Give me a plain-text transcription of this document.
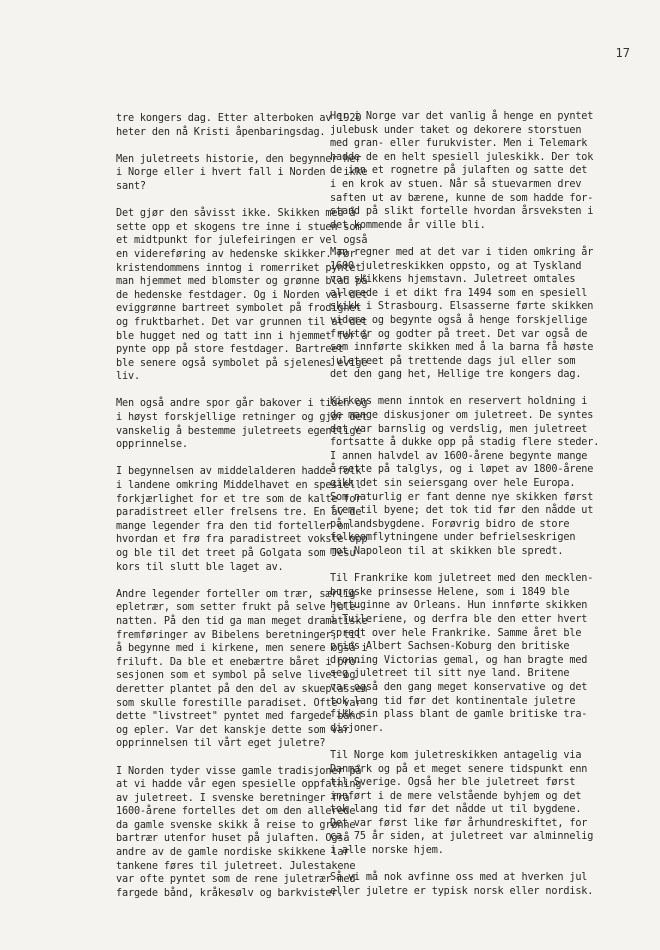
17

tre kongers dag. Etter alterboken av 1920
heter den nå Kristi åpenbaringsdag.

Men juletreets historie, den begynner her
i Norge eller i hvert fall i Norden - ikke
sant?

Det gjør den såvisst ikke. Skikken med å
sette opp et skogens tre inne i stuen som
et midtpunkt for julefeiringen er vel også
en videreføring av hedenske skikker. Før
kristendommens inntog i romerriket pyntet
man hjemmet med blomster og grønne blad på
de hedenske festdager. Og i Norden var det
eviggrønne bartreet symbolet på frodighet
og fruktbarhet. Det var grunnen til at det
ble hugget ned og tatt inn i hjemmet for å
pynte opp på store festdager. Bartreet
ble senere også symbolet på sjelenes evige
liv.

Men også andre spor går bakover i tiden og
i høyst forskjellige retninger og gjør det
vanskelig å bestemme juletreets egentlige
opprinnelse.

I begynnelsen av middelalderen hadde folk
i landene omkring Middelhavet en spesiell
forkjærlighet for et tre som de kalte for
paradistreet eller frelsens tre. En av de
mange legender fra den tid forteller om
hvordan et frø fra paradistreet vokste opp
og ble til det treet på Golgata som Jesu
kors til slutt ble laget av.

Andre legender forteller om trær, særlig
epletrær, som setter frukt på selve jule-
natten. På den tid ga man meget dramatiske
fremføringer av Bibelens beretninger, til
å begynne med i kirkene, men senere også i
friluft. Da ble et enebærtre båret i pro-
sesjonen som et symbol på selve livet og
deretter plantet på den del av skueplassen
som skulle forestille paradiset. Ofte var
dette "livstreet" pyntet med fargede bånd
og epler. Var det kanskje dette som var
opprinnelsen til vårt eget juletre?

I Norden tyder visse gamle tradisjoner på
at vi hadde vår egen spesielle oppfatning
av juletreet. I svenske beretninger fra
1600-årene fortelles det om den allerede
da gamle svenske skikk å reise to grønne
bartrær utenfor huset på julaften. Også
andre av de gamle nordiske skikkene lar
tankene føres til juletreet. Julestakene
var ofte pyntet som de rene juletrær med
fargede bånd, kråkesølv og barkvister.

Her i Norge var det vanlig å henge en pyntet
julebusk under taket og dekorere storstuen
med gran- eller furukvister. Men i Telemark
hadde de en helt spesiell juleskikk. Der tok
de inn et rognetre på julaften og satte det
i en krok av stuen. Når så stuevarmen drev
saften ut av bærene, kunne de som hadde for-
stand på slikt fortelle hvordan årsveksten i
det kommende år ville bli.

Man regner med at det var i tiden omkring år
1600 juletreskikken oppsto, og at Tyskland
var skikkens hjemstavn. Juletreet omtales
allerede i et dikt fra 1494 som en spesiell
skikk i Strasbourg. Elsasserne førte skikken
videre og begynte også å henge forskjellige
frukter og godter på treet. Det var også de
som innførte skikken med å la barna få høste
juletreet på trettende dags jul eller som
det den gang het, Hellige tre kongers dag.

Kirkens menn inntok en reservert holdning i
de mange diskusjoner om juletreet. De syntes
det var barnslig og verdslig, men juletreet
fortsatte å dukke opp på stadig flere steder.
I annen halvdel av 1600-årene begynte mange
å sette på talglys, og i løpet av 1800-årene
gikk det sin seiersgang over hele Europa.
Som naturlig er fant denne nye skikken først
frem til byene; det tok tid før den nådde ut
på landsbygdene. Forøvrig bidro de store
folkeomflytningene under befrielseskrigen
mot Napoleon til at skikken ble spredt.

Til Frankrike kom juletreet med den mecklen-
burgske prinsesse Helene, som i 1849 ble
hertuginne av Orleans. Hun innførte skikken
i Tuileriene, og derfra ble den etter hvert
spredt over hele Frankrike. Samme året ble
prins Albert Sachsen-Koburg den britiske
dronning Victorias gemal, og han bragte med
seg juletreet til sitt nye land. Britene
var også den gang meget konservative og det
tok lang tid før det kontinentale juletre
fikk sin plass blant de gamle britiske tra-
disjoner.

Til Norge kom juletreskikken antagelig via
Danmark og på et meget senere tidspunkt enn
til Sverige. Også her ble juletreet først
innført i de mere velstående byhjem og det
tok lang tid før det nådde ut til bygdene.
Det var først like før århundreskiftet, for
ca. 75 år siden, at juletreet var alminnelig
i alle norske hjem.

Så vi må nok avfinne oss med at hverken jul
eller juletre er typisk norsk eller nordisk.
